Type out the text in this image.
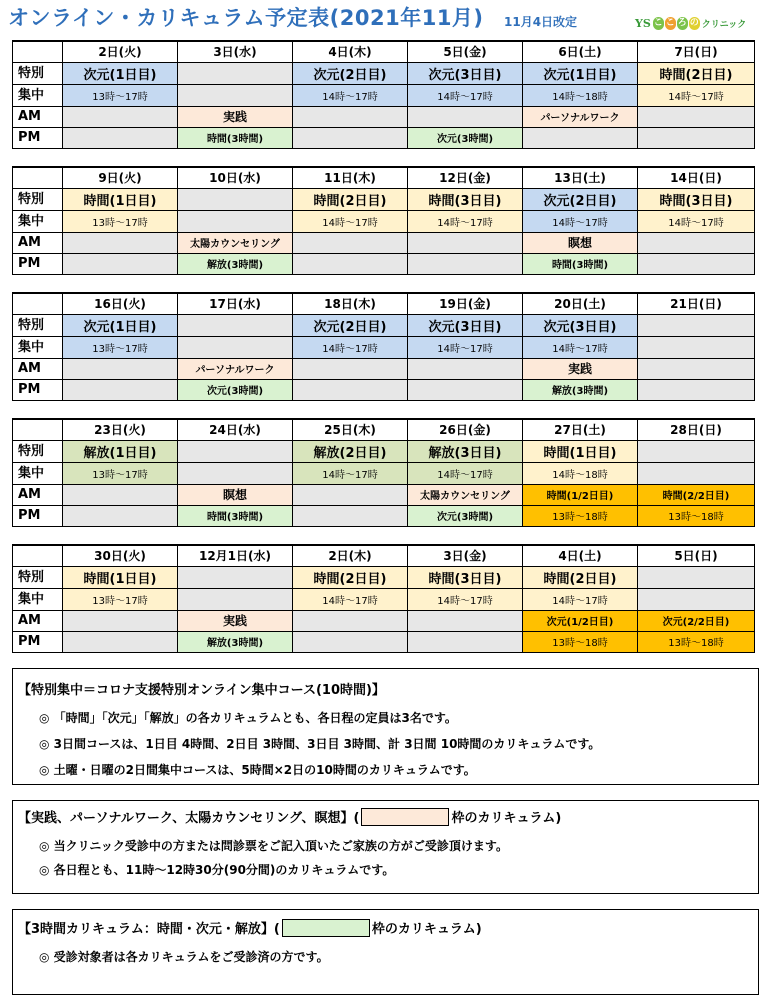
オンライン・カリキュラム予定表(2021年11月) 11月4日改定	YS こ こ ろ の クリニック
	2日(火)	3日(水)	4日(木)	5日(金)	6日(土)	7日(日)
特別	次元(1日目)		次元(2日目)	次元(3日目)	次元(1日目)	時間(2日目)
集中	13時～17時		14時～17時	14時～17時	14時～18時	14時～17時
AM		実践			パーソナルワーク	
PM		時間(3時間)		次元(3時間)		
	9日(火)	10日(水)	11日(木)	12日(金)	13日(土)	14日(日)
特別	時間(1日目)		時間(2日目)	時間(3日目)	次元(2日目)	時間(3日目)
集中	13時～17時		14時～17時	14時～17時	14時～17時	14時～17時
AM		太陽カウンセリング			瞑想	
PM		解放(3時間)			時間(3時間)	
	16日(火)	17日(水)	18日(木)	19日(金)	20日(土)	21日(日)
特別	次元(1日目)		次元(2日目)	次元(3日目)	次元(3日目)	
集中	13時～17時		14時～17時	14時～17時	14時～17時	
AM		パーソナルワーク			実践	
PM		次元(3時間)			解放(3時間)	
	23日(火)	24日(水)	25日(木)	26日(金)	27日(土)	28日(日)
特別	解放(1日目)		解放(2日目)	解放(3日目)	時間(1日目)	
集中	13時～17時		14時～17時	14時～17時	14時～18時	
AM		瞑想		太陽カウンセリング	時間(1/2日目)	時間(2/2日目)
PM		時間(3時間)		次元(3時間)	13時～18時	13時～18時
	30日(火)	12月1日(水)	2日(木)	3日(金)	4日(土)	5日(日)
特別	時間(1日目)		時間(2日目)	時間(3日目)	時間(2日目)	
集中	13時～17時		14時～17時	14時～17時	14時～17時	
AM		実践			次元(1/2日目)	次元(2/2日目)
PM		解放(3時間)			13時～18時	13時～18時
【特別集中＝コロナ支援特別オンライン集中コース(10時間)】
◎ 「時間」「次元」「解放」の各カリキュラムとも、各日程の定員は3名です。
◎ 3日間コースは、1日目 4時間、2日目 3時間、3日目 3時間、計 3日間 10時間のカリキュラムです。
◎ 土曜・日曜の2日間集中コースは、5時間×2日の10時間のカリキュラムです。
【実践、パーソナルワーク、太陽カウンセリング、瞑想】(	枠のカリキュラム)
◎ 当クリニック受診中の方または問診票をご記入頂いたご家族の方がご受診頂けます。
◎ 各日程とも、11時～12時30分(90分間)のカリキュラムです。
【3時間カリキュラム：時間・次元・解放】(	枠のカリキュラム)
◎ 受診対象者は各カリキュラムをご受診済の方です。
